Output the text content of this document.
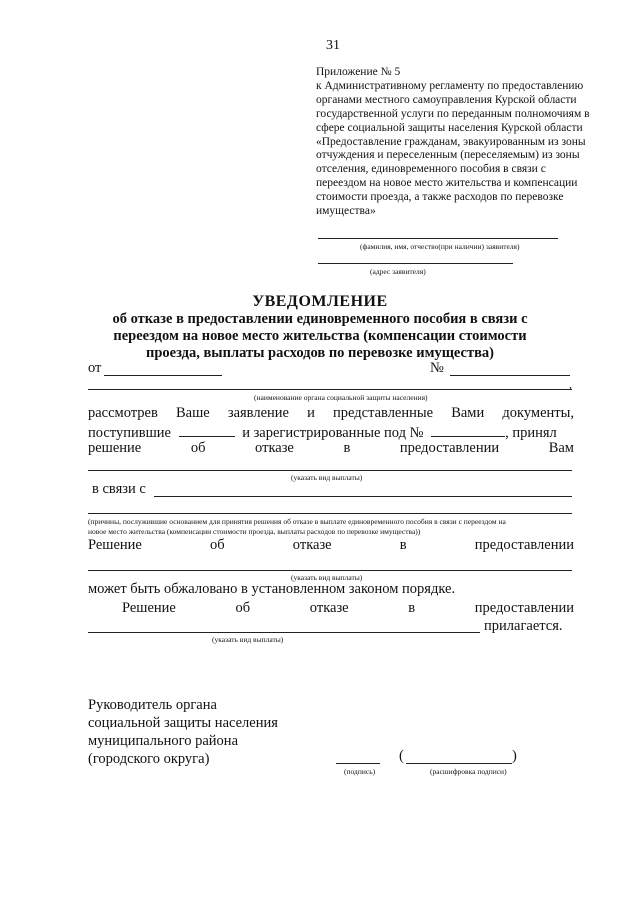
31
Приложение № 5
к Административному регламенту по предоставлению
органами местного самоуправления Курской области
государственной услуги по переданным полномочиям в
сфере социальной защиты населения Курской области
«Предоставление гражданам, эвакуированным из зоны
отчуждения и переселенным (переселяемым) из зоны
отселения, единовременного пособия в связи с
переездом на новое место жительства и компенсации
стоимости проезда, а также расходов по перевозке
имущества»
(фамилия, имя, отчество(при наличии) заявителя)
(адрес заявителя)
УВЕДОМЛЕНИЕ
об отказе в предоставлении единовременного пособия в связи с
переездом на новое место жительства (компенсации стоимости
проезда, выплаты расходов по перевозке имущества)
от	№
,
(наименование органа социальной защиты населения)
рассмотрев Ваше заявление и представленные Вами документы,
поступившие	и зарегистрированные под №	, принял
решение	об	отказе	в	предоставлении	Вам
(указать вид выплаты)
в связи с
(причины, послужившие основанием для принятия решения об отказе в выплате единовременного пособия в связи с переездом на
новое место жительства (компенсации стоимости проезда, выплаты расходов по перевозке имущества))
Решение	об	отказе	в	предоставлении
(указать вид выплаты)
может быть обжаловано в установленном законом порядке.
Решение	об	отказе	в	предоставлении
прилагается.
(указать вид выплаты)
Руководитель органа
социальной защиты населения
муниципального района
(городского округа)
(подпись)
(	)
(расшифровка подписи)
